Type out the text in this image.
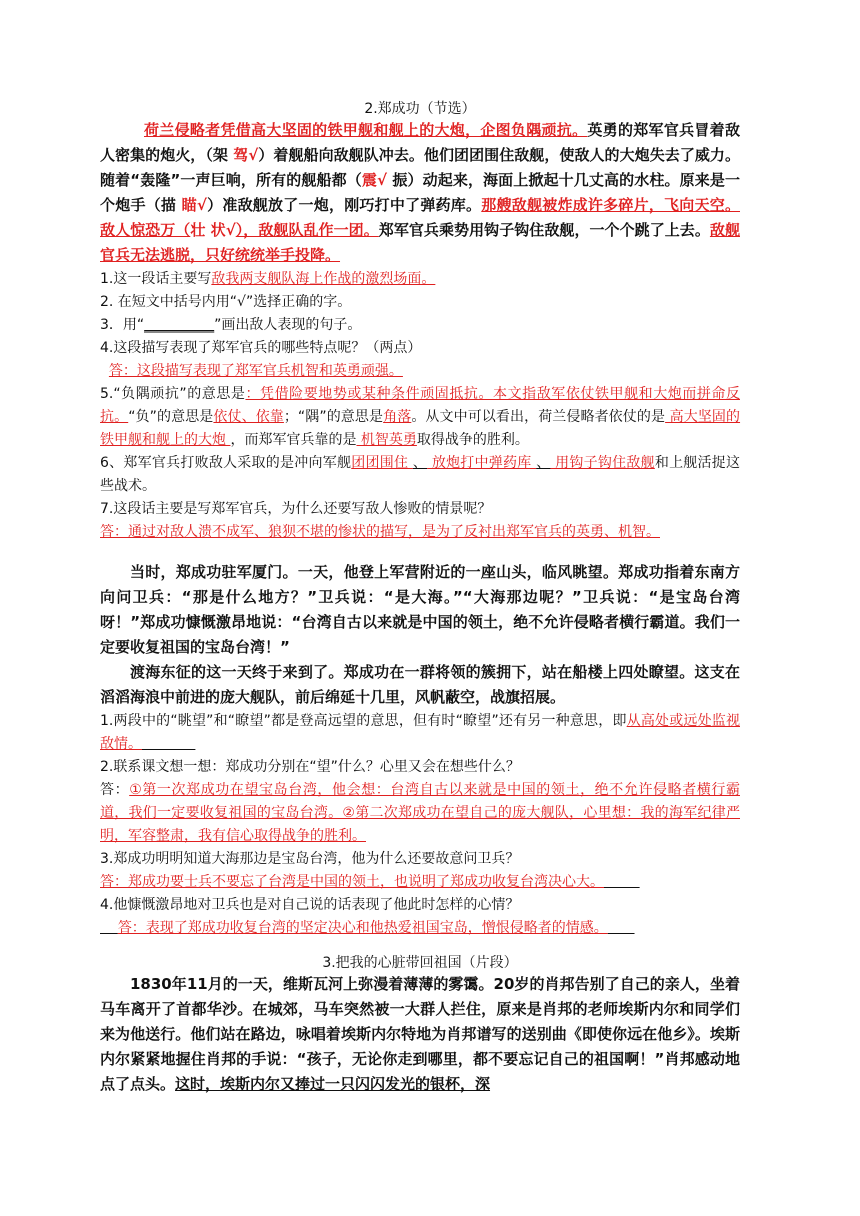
2.郑成功（节选）

荷兰侵略者凭借高大坚固的铁甲舰和舰上的大炮，企图负隅顽抗。英勇的郑军官兵冒着敌人密集的炮火，（架 驾√）着舰船向敌舰队冲去。他们团团围住敌舰，使敌人的大炮失去了威力。随着“轰隆”一声巨响，所有的舰船都（震√ 振）动起来，海面上掀起十几丈高的水柱。原来是一个炮手（描 瞄√）准敌舰放了一炮，刚巧打中了弹药库。那艘敌舰被炸成许多碎片，飞向天空。敌人惊恐万（壮 状√），敌舰队乱作一团。郑军官兵乘势用钩子钩住敌舰，一个个跳了上去。敌舰官兵无法逃脱，只好统统举手投降。

1.这一段话主要写敌我两支舰队海上作战的激烈场面。

2. 在短文中括号内用“√”选择正确的字。

3．用“__________”画出敌人表现的句子。

4.这段描写表现了郑军官兵的哪些特点呢？（两点）

答：这段描写表现了郑军官兵机智和英勇顽强。

5.“负隅顽抗”的意思是：凭借险要地势或某种条件顽固抵抗。本文指敌军依仗铁甲舰和大炮而拼命反抗。“负”的意思是依仗、依靠；“隅”的意思是角落。从文中可以看出，荷兰侵略者依仗的是 高大坚固的铁甲舰和舰上的大炮 ，而郑军官兵靠的是 机智英勇取得战争的胜利。

6、郑军官兵打败敌人采取的是冲向军舰团团围住 、 放炮打中弹药库 、 用钩子钩住敌舰和上舰活捉这些战术。

7.这段话主要是写郑军官兵，为什么还要写敌人惨败的情景呢？

答：通过对敌人溃不成军、狼狈不堪的惨状的描写，是为了反衬出郑军官兵的英勇、机智。

当时，郑成功驻军厦门。一天，他登上军营附近的一座山头，临风眺望。郑成功指着东南方向问卫兵：“那是什么地方？”卫兵说：“是大海。”“大海那边呢？”卫兵说：“是宝岛台湾呀！”郑成功慷慨激昂地说：“台湾自古以来就是中国的领土，绝不允许侵略者横行霸道。我们一定要收复祖国的宝岛台湾！”

渡海东征的这一天终于来到了。郑成功在一群将领的簇拥下，站在船楼上四处瞭望。这支在滔滔海浪中前进的庞大舰队，前后绵延十几里，风帆蔽空，战旗招展。

1.两段中的“眺望”和“瞭望”都是登高远望的意思，但有时“瞭望”还有另一种意思，即从高处或远处监视敌情。

2.联系课文想一想：郑成功分别在“望”什么？心里又会在想些什么？

答：①第一次郑成功在望宝岛台湾，他会想：台湾自古以来就是中国的领土，绝不允许侵略者横行霸道，我们一定要收复祖国的宝岛台湾。②第二次郑成功在望自己的庞大舰队，心里想：我的海军纪律严明，军容整肃，我有信心取得战争的胜利。

3.郑成功明明知道大海那边是宝岛台湾，他为什么还要故意问卫兵？

答：郑成功要士兵不要忘了台湾是中国的领土，也说明了郑成功收复台湾决心大。

4.他慷慨激昂地对卫兵也是对自己说的话表现了他此时怎样的心情？

答：表现了郑成功收复台湾的坚定决心和他热爱祖国宝岛，憎恨侵略者的情感。

3.把我的心脏带回祖国（片段）

1830年11月的一天，维斯瓦河上弥漫着薄薄的雾霭。20岁的肖邦告别了自己的亲人，坐着马车离开了首都华沙。在城郊，马车突然被一大群人拦住，原来是肖邦的老师埃斯内尔和同学们来为他送行。他们站在路边，咏唱着埃斯内尔特地为肖邦谱写的送别曲《即使你远在他乡》。埃斯内尔紧紧地握住肖邦的手说：“孩子，无论你走到哪里，都不要忘记自己的祖国啊！”肖邦感动地点了点头。这时，埃斯内尔又捧过一只闪闪发光的银杯，深
